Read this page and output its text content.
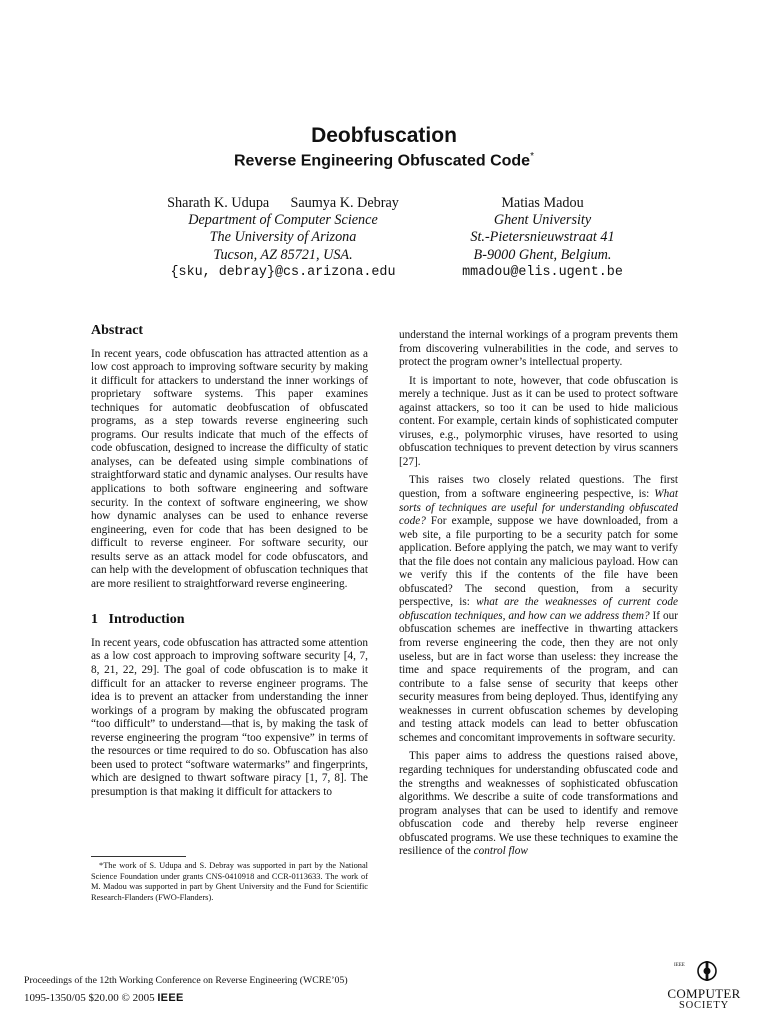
Deobfuscation
Reverse Engineering Obfuscated Code*
Sharath K. Udupa      Saumya K. Debray
Department of Computer Science
The University of Arizona
Tucson, AZ 85721, USA.
{sku, debray}@cs.arizona.edu
Matias Madou
Ghent University
St.-Pietersnieuwstraat 41
B-9000 Ghent, Belgium.
mmadou@elis.ugent.be
Abstract

In recent years, code obfuscation has attracted attention as a low cost approach to improving software security by making it difficult for attackers to understand the inner workings of proprietary software systems. This paper examines techniques for automatic deobfuscation of obfuscated programs, as a step towards reverse engineering such programs. Our results indicate that much of the effects of code obfuscation, designed to increase the difficulty of static analyses, can be defeated using simple combinations of straightforward static and dynamic analyses. Our results have applications to both software engineering and software security. In the context of software engineering, we show how dynamic analyses can be used to enhance reverse engineering, even for code that has been designed to be difficult to reverse engineer. For software security, our results serve as an attack model for code obfuscators, and can help with the development of obfuscation techniques that are more resilient to straightforward reverse engineering.

1   Introduction

In recent years, code obfuscation has attracted some attention as a low cost approach to improving software security [4, 7, 8, 21, 22, 29]. The goal of code obfuscation is to make it difficult for an attacker to reverse engineer programs. The idea is to prevent an attacker from understanding the inner workings of a program by making the obfuscated program “too difficult” to understand—that is, by making the task of reverse engineering the program “too expensive” in terms of the resources or time required to do so. Obfuscation has also been used to protect “software watermarks” and fingerprints, which are designed to thwart software piracy [1, 7, 8]. The presumption is that making it difficult for attackers to

*The work of S. Udupa and S. Debray was supported in part by the National Science Foundation under grants CNS-0410918 and CCR-0113633. The work of M. Madou was supported in part by Ghent University and the Fund for Scientific Research-Flanders (FWO-Flanders).

understand the internal workings of a program prevents them from discovering vulnerabilities in the code, and serves to protect the program owner’s intellectual property.

It is important to note, however, that code obfuscation is merely a technique. Just as it can be used to protect software against attackers, so too it can be used to hide malicious content. For example, certain kinds of sophisticated computer viruses, e.g., polymorphic viruses, have resorted to using obfuscation techniques to prevent detection by virus scanners [27].

This raises two closely related questions. The first question, from a software engineering pespective, is: What sorts of techniques are useful for understanding obfuscated code? For example, suppose we have downloaded, from a web site, a file purporting to be a security patch for some application. Before applying the patch, we may want to verify that the file does not contain any malicious payload. How can we verify this if the contents of the file have been obfuscated? The second question, from a security perspective, is: what are the weaknesses of current code obfuscation techniques, and how can we address them? If our obfuscation schemes are ineffective in thwarting attackers from reverse engineering the code, then they are not only useless, but are in fact worse than useless: they increase the time and space requirements of the program, and can contribute to a false sense of security that keeps other security measures from being deployed. Thus, identifying any weaknesses in current obfuscation schemes by developing and testing attack models can lead to better obfuscation schemes and concomitant improvements in software security.

This paper aims to address the questions raised above, regarding techniques for understanding obfuscated code and the strengths and weaknesses of sophisticated obfuscation algorithms. We describe a suite of code transformations and program analyses that can be used to identify and remove obfuscation code and thereby help reverse engineer obfuscated programs. We use these techniques to examine the resilience of the control flow

Proceedings of the 12th Working Conference on Reverse Engineering (WCRE’05)
1095-1350/05 $20.00 © 2005 IEEE
IEEE
COMPUTER
SOCIETY
